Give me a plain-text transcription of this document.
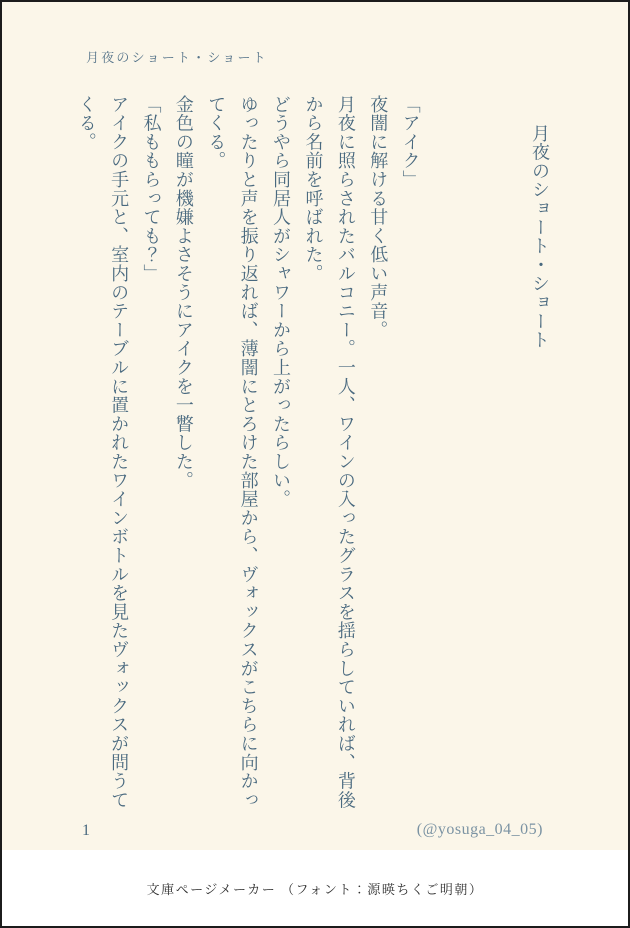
月夜のショート・ショート
月夜のショート・ショート

「アイク」

夜闇に解ける甘く低い声音。

月夜に照らされたバルコニー。一人、ワインの入ったグラスを揺らしていれば、背後から名前を呼ばれた。

どうやら同居人がシャワーから上がったらしい。

ゆったりと声を振り返れば、薄闇にとろけた部屋から、ヴォックスがこちらに向かってくる。

金色の瞳が機嫌よさそうにアイクを一瞥した。

「私ももらっても？」

アイクの手元と、室内のテーブルに置かれたワインボトルを見たヴォックスが問うてくる。

1	(@yosuga_04_05)
文庫ページメーカー （フォント：源暎ちくご明朝）
